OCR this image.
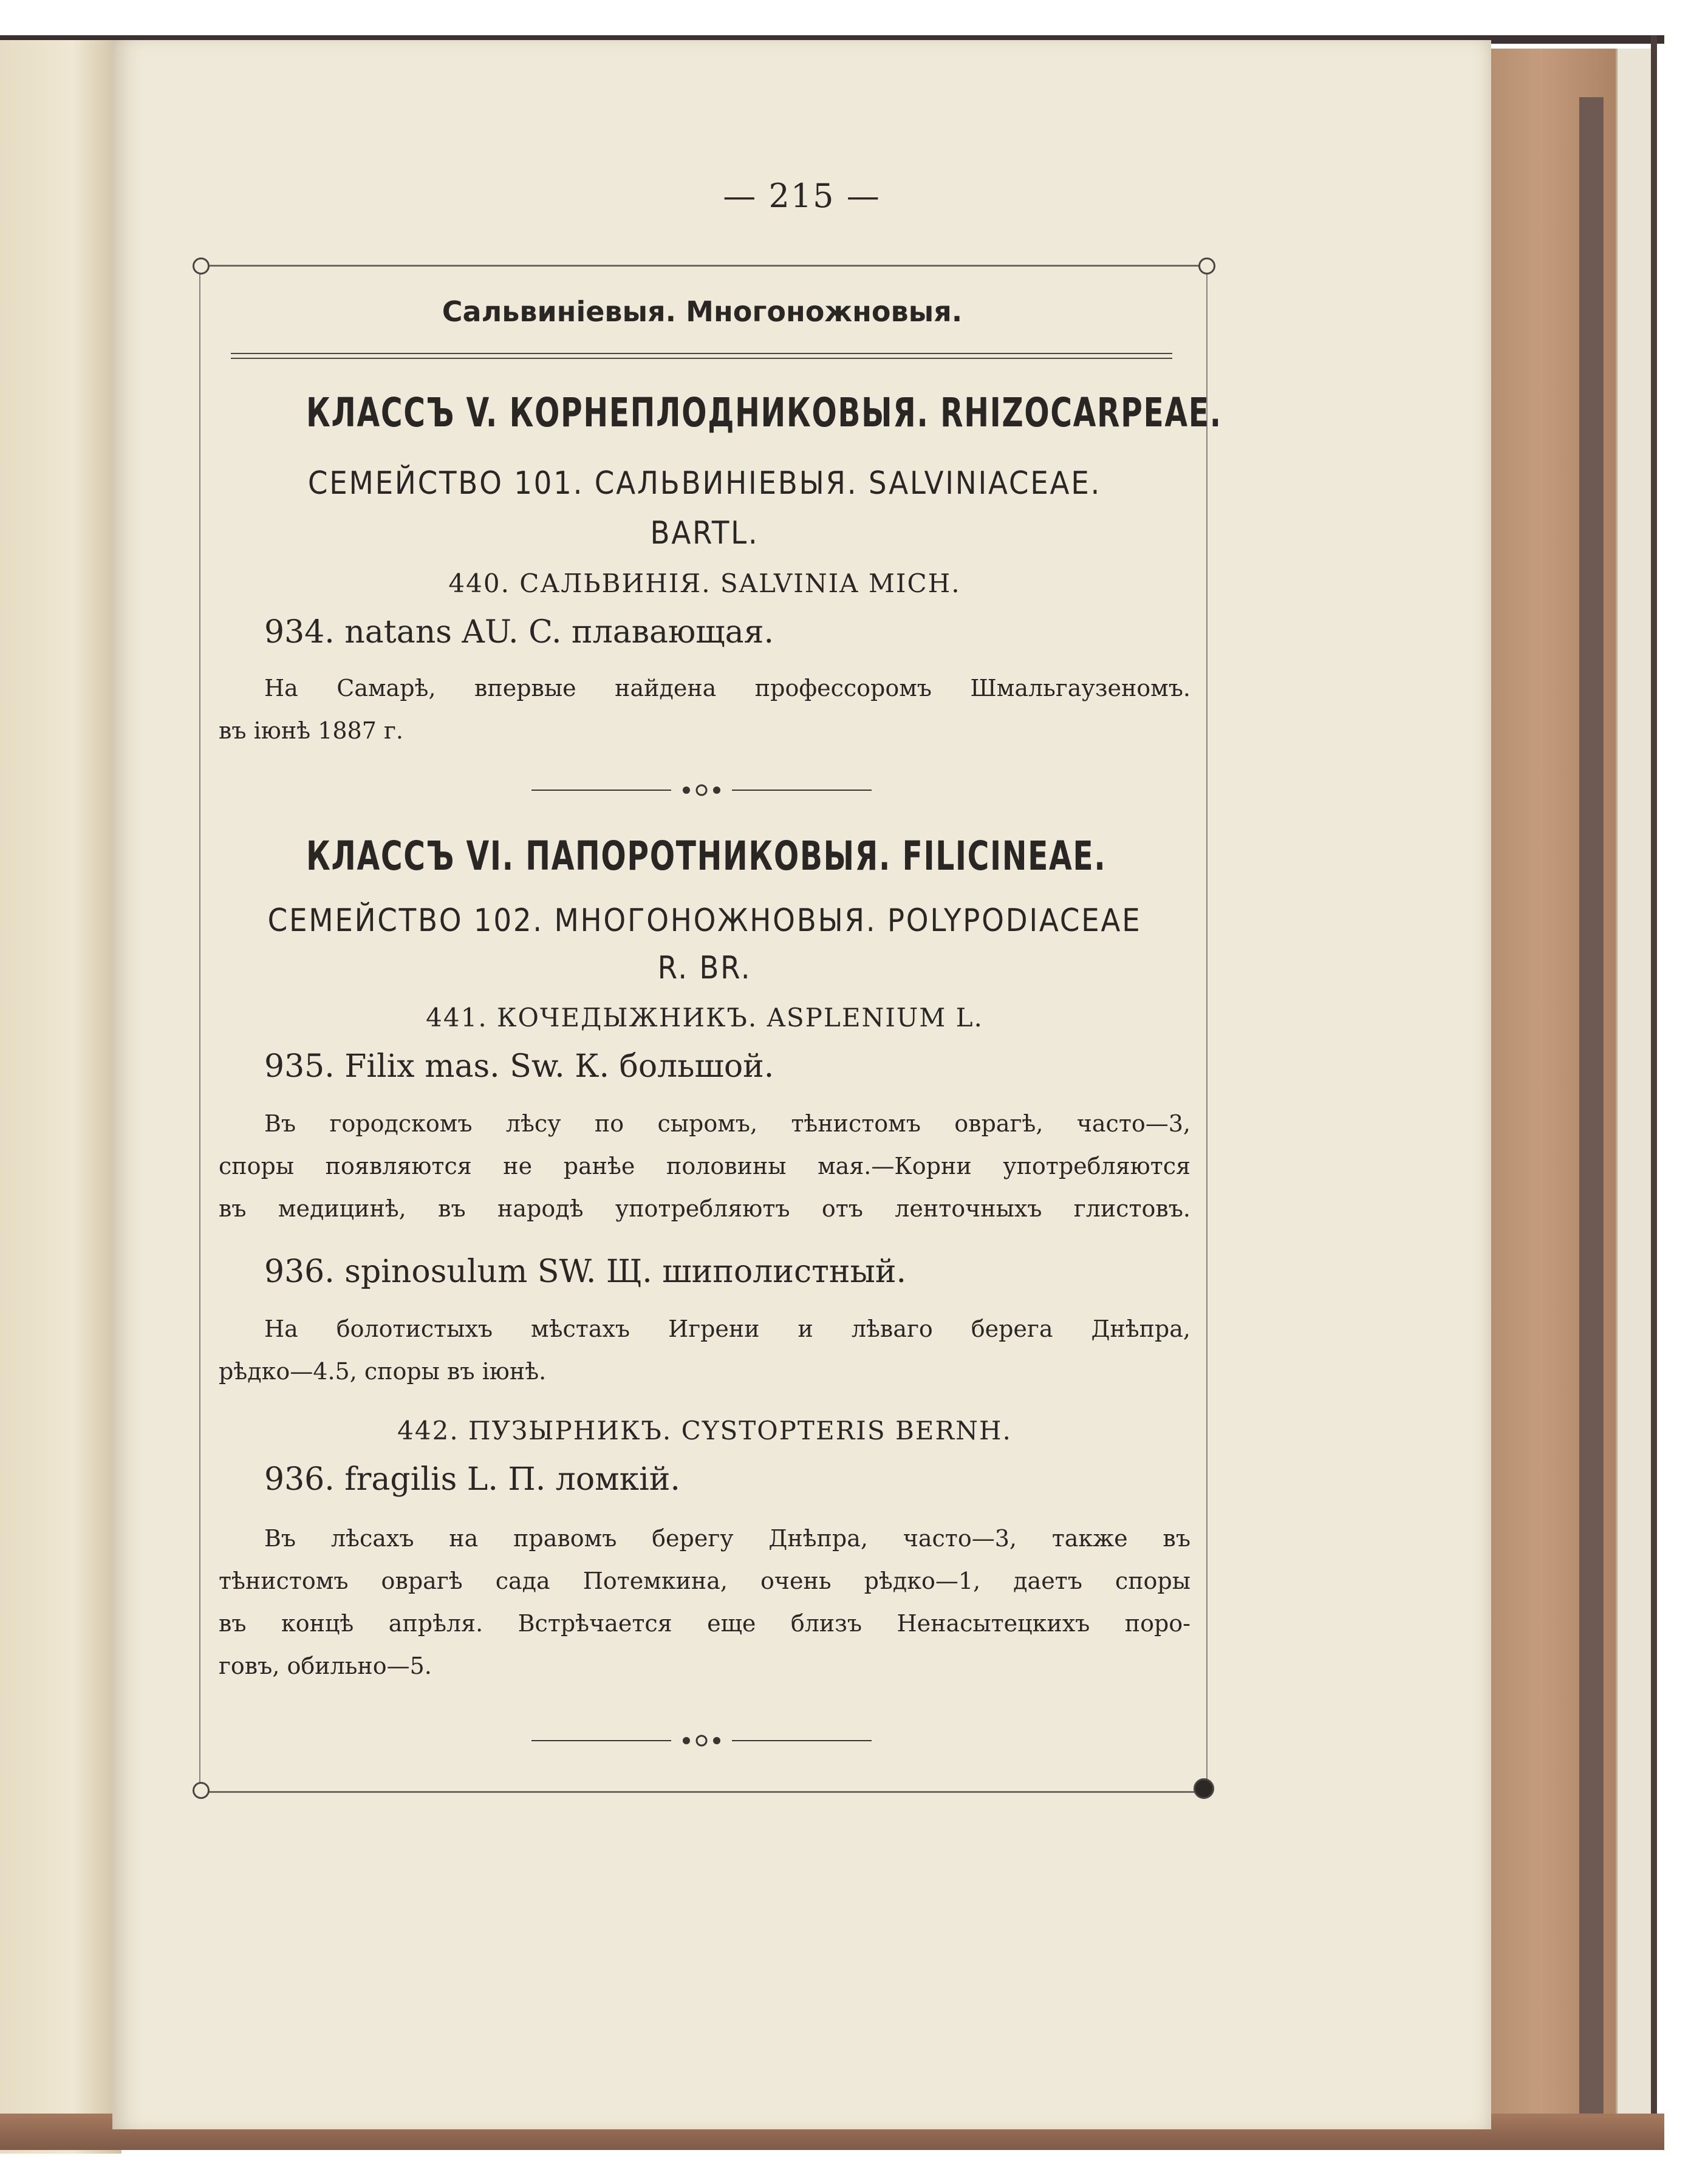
— 215 —
Сальвиніевыя. Многоножновыя.
КЛАССЪ V. КОРНЕПЛОДНИКОВЫЯ. RHIZOCARPEAE.
СЕМЕЙСТВО 101. САЛЬВИНІЕВЫЯ. SALVINIACEAE.
BARTL.
440. САЛЬВИНІЯ. SALVINIA MICH.
934. natans AU. C. плавающая.
На Самарѣ, впервые найдена профессоромъ Шмальгаузеномъ.
въ іюнѣ 1887 г.
КЛАССЪ VI. ПАПОРОТНИКОВЫЯ. FILICINEAE.
СЕМЕЙСТВО 102. МНОГОНОЖНОВЫЯ. POLYPODIACEAE
R. BR.
441. КОЧЕДЫЖНИКЪ. ASPLENIUM L.
935. Filix mas. Sw. К. большой.
Въ городскомъ лѣсу по сыромъ, тѣнистомъ оврагѣ, часто—3,
споры появляются не ранѣе половины мая.—Корни употребляются
въ медицинѣ, въ народѣ употребляютъ отъ ленточныхъ глистовъ.
936. spinosulum SW. Щ. шиполистный.
На болотистыхъ мѣстахъ Игрени и лѣваго берега Днѣпра,
рѣдко—4.5, споры въ іюнѣ.
442. ПУЗЫРНИКЪ. CYSTOPTERIS BERNH.
936. fragilis L. П. ломкій.
Въ лѣсахъ на правомъ берегу Днѣпра, часто—3, также въ
тѣнистомъ оврагѣ сада Потемкина, очень рѣдко—1, даетъ споры
въ концѣ апрѣля. Встрѣчается еще близъ Ненасытецкихъ поро-
говъ, обильно—5.
